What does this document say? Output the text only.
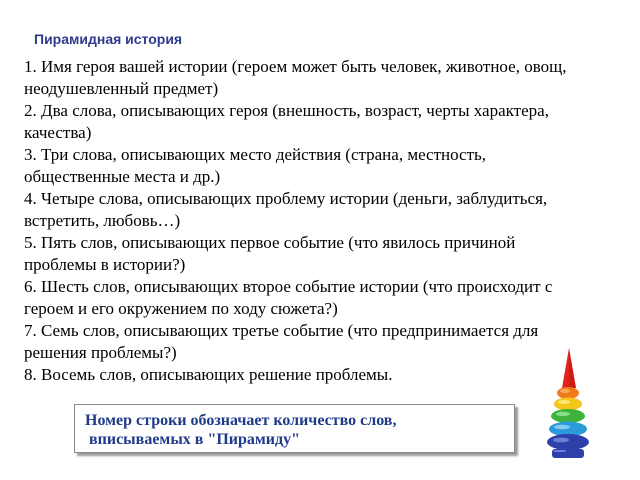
Пирамидная история
1. Имя героя вашей истории (героем может быть человек, животное, овощ,
неодушевленный предмет)
2. Два слова, описывающих героя (внешность, возраст, черты характера,
качества)
3. Три слова, описывающих место действия (страна, местность,
общественные места и др.)
4. Четыре слова, описывающих проблему истории (деньги, заблудиться,
встретить, любовь…)
5. Пять слов, описывающих первое событие (что явилось причиной
проблемы в истории?)
6. Шесть слов, описывающих второе событие истории (что происходит с
героем и его окружением по ходу сюжета?)
7. Семь слов, описывающих третье событие (что предпринимается для
решения проблемы?)
8. Восемь слов, описывающих решение проблемы.
Номер строки обозначает количество слов,
вписываемых в "Пирамиду"
